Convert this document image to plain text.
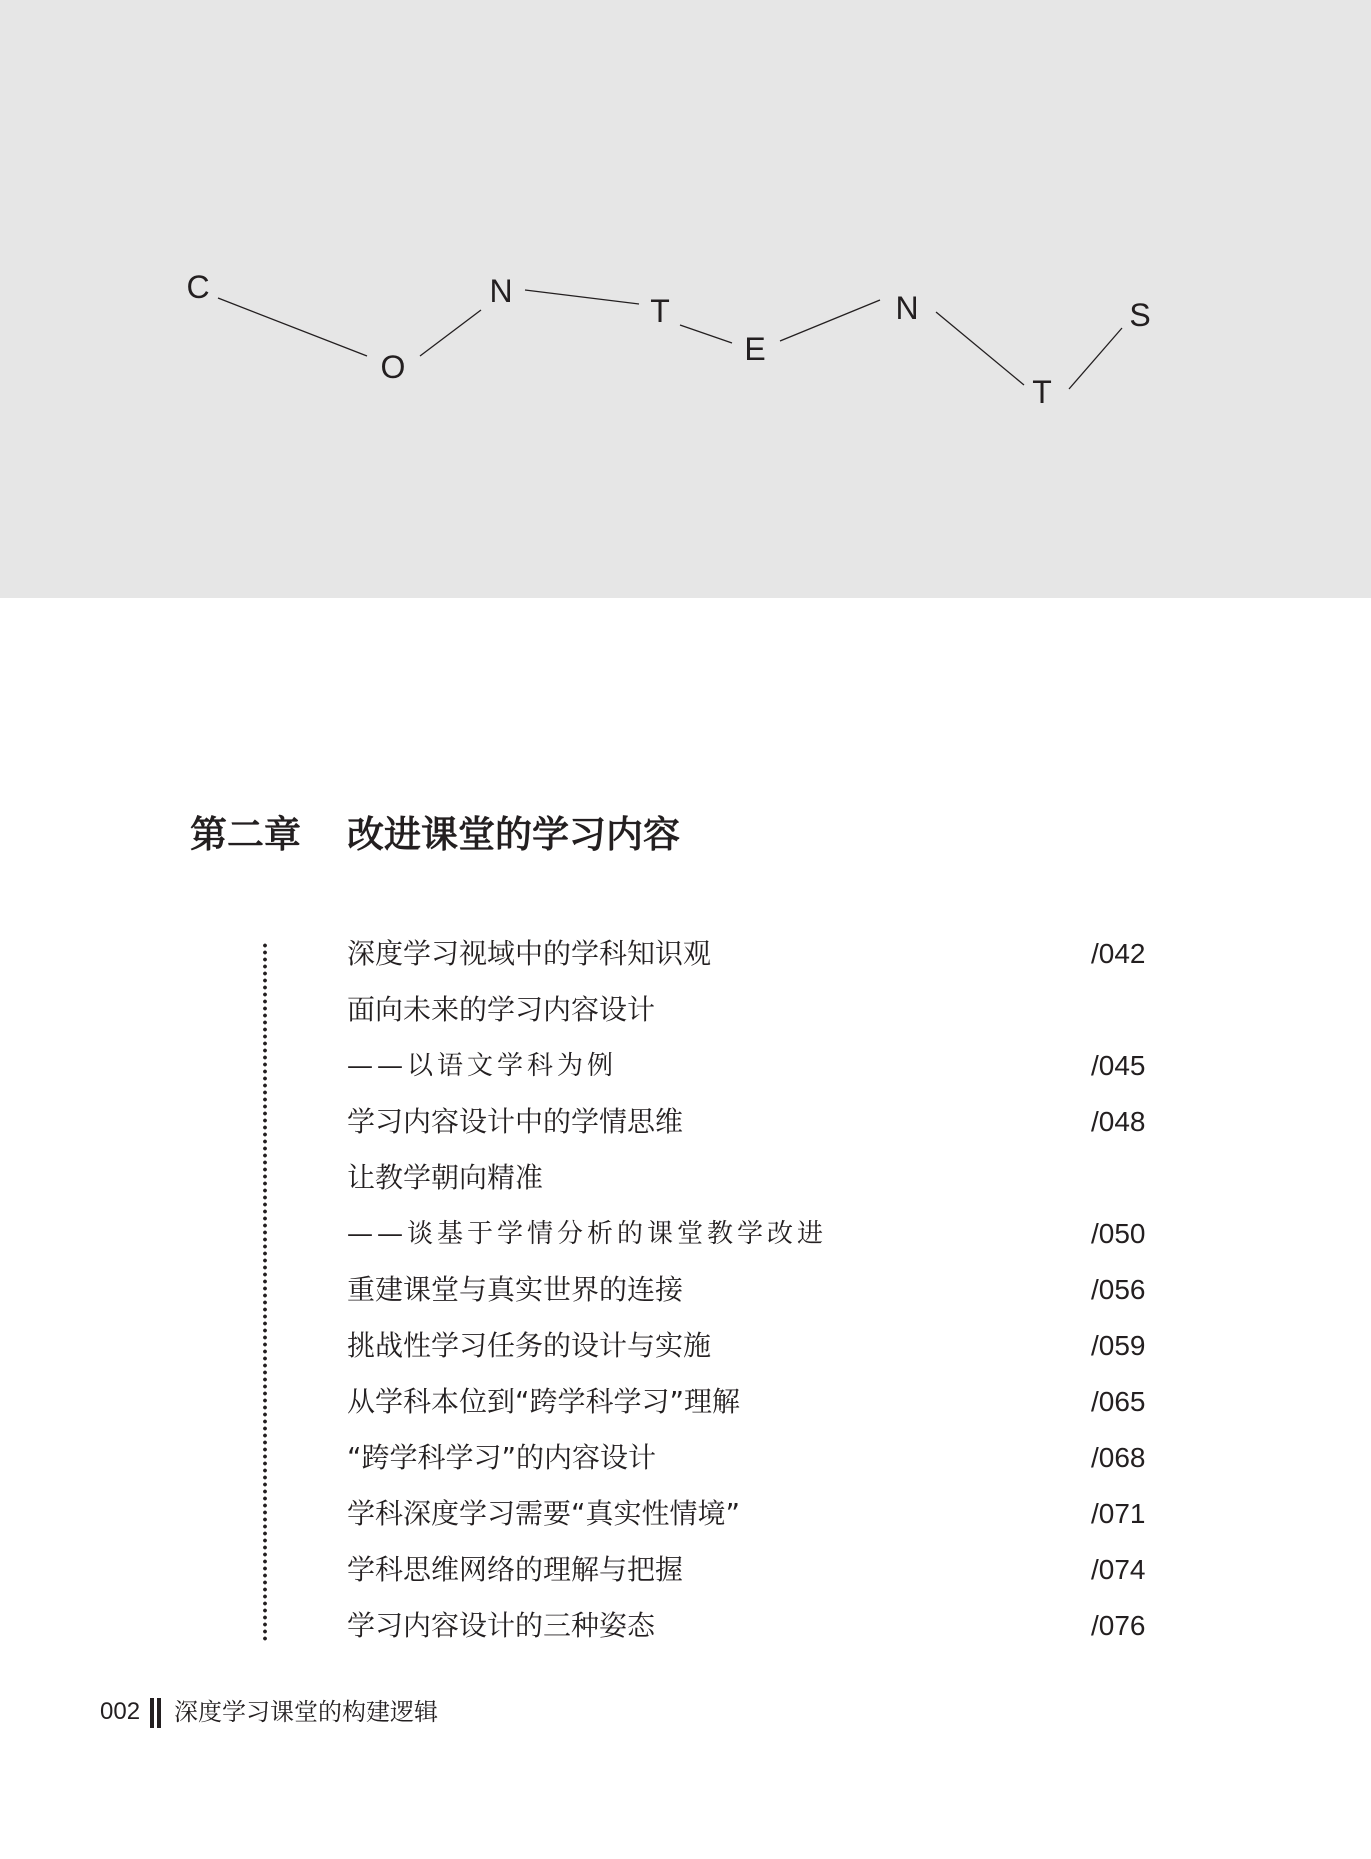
C
O
N
T
E
N
T
S
第二章 改进课堂的学习内容
深度学习视域中的学科知识观	/042
面向未来的学习内容设计
——以语文学科为例	/045
学习内容设计中的学情思维	/048
让教学朝向精准
——谈基于学情分析的课堂教学改进	/050
重建课堂与真实世界的连接	/056
挑战性学习任务的设计与实施	/059
从学科本位到“跨学科学习”理解	/065
“跨学科学习”的内容设计	/068
学科深度学习需要“真实性情境”	/071
学科思维网络的理解与把握	/074
学习内容设计的三种姿态	/076
002 深度学习课堂的构建逻辑
